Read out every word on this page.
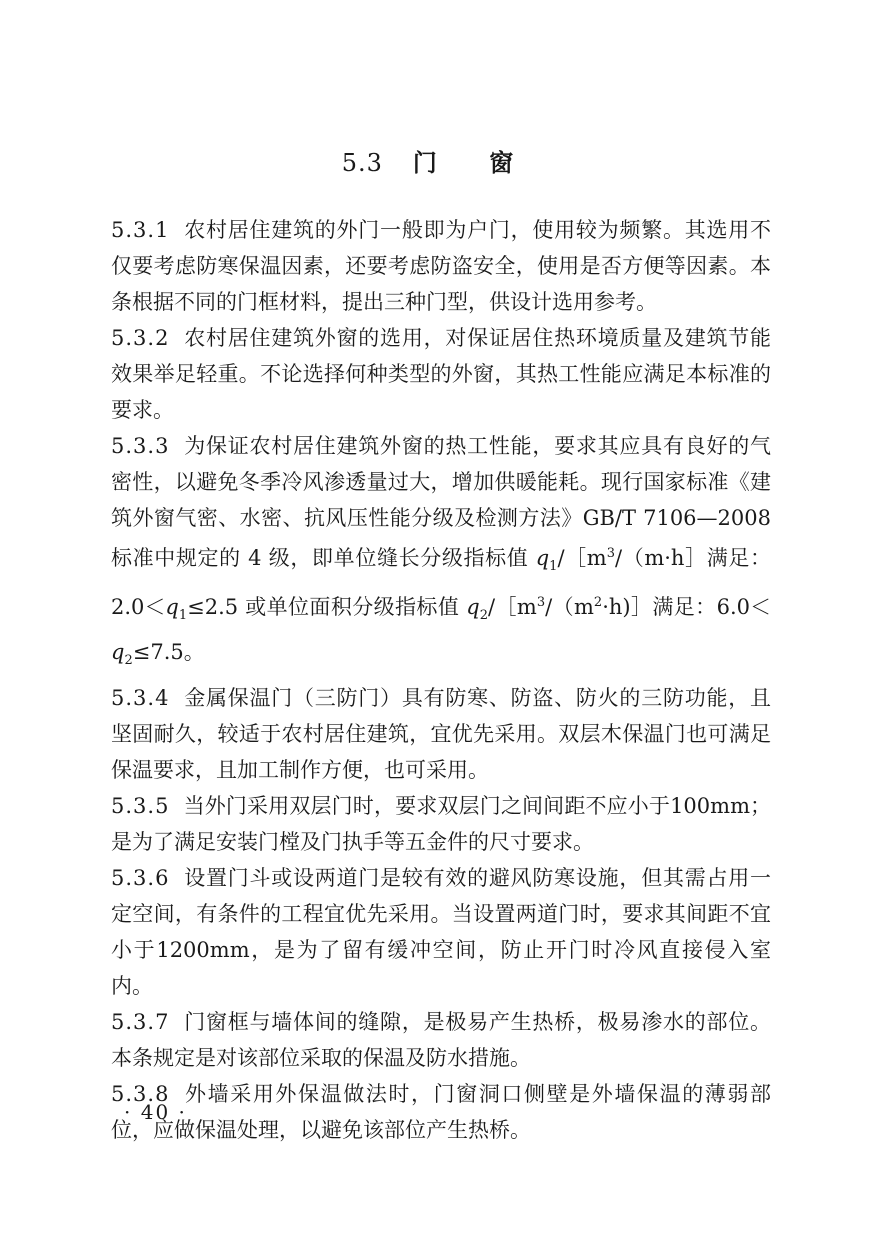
5.3 门 窗

5.3.1 农村居住建筑的外门一般即为户门，使用较为频繁。其选用不仅要考虑防寒保温因素，还要考虑防盗安全，使用是否方便等因素。本条根据不同的门框材料，提出三种门型，供设计选用参考。

5.3.2 农村居住建筑外窗的选用，对保证居住热环境质量及建筑节能效果举足轻重。不论选择何种类型的外窗，其热工性能应满足本标准的要求。

5.3.3 为保证农村居住建筑外窗的热工性能，要求其应具有良好的气密性，以避免冬季冷风渗透量过大，增加供暖能耗。现行国家标准《建筑外窗气密、水密、抗风压性能分级及检测方法》GB/T 7106—2008 标准中规定的 4 级，即单位缝长分级指标值 $q_1/[m^3/(m\cdot h]$满足：$2.0<q_1\le 2.5$ 或单位面积分级指标值 $q_2/[m^3/(m^2\cdot h)]$满足：$6.0<q_2\le 7.5$。

5.3.4 金属保温门（三防门）具有防寒、防盗、防火的三防功能，且坚固耐久，较适于农村居住建筑，宜优先采用。双层木保温门也可满足保温要求，且加工制作方便，也可采用。

5.3.5 当外门采用双层门时，要求双层门之间间距不应小于100mm；是为了满足安装门樘及门执手等五金件的尺寸要求。

5.3.6 设置门斗或设两道门是较有效的避风防寒设施，但其需占用一定空间，有条件的工程宜优先采用。当设置两道门时，要求其间距不宜小于1200mm，是为了留有缓冲空间，防止开门时冷风直接侵入室内。

5.3.7 门窗框与墙体间的缝隙，是极易产生热桥，极易渗水的部位。本条规定是对该部位采取的保温及防水措施。

5.3.8 外墙采用外保温做法时，门窗洞口侧壁是外墙保温的薄弱部位，应做保温处理，以避免该部位产生热桥。

· 40 ·
